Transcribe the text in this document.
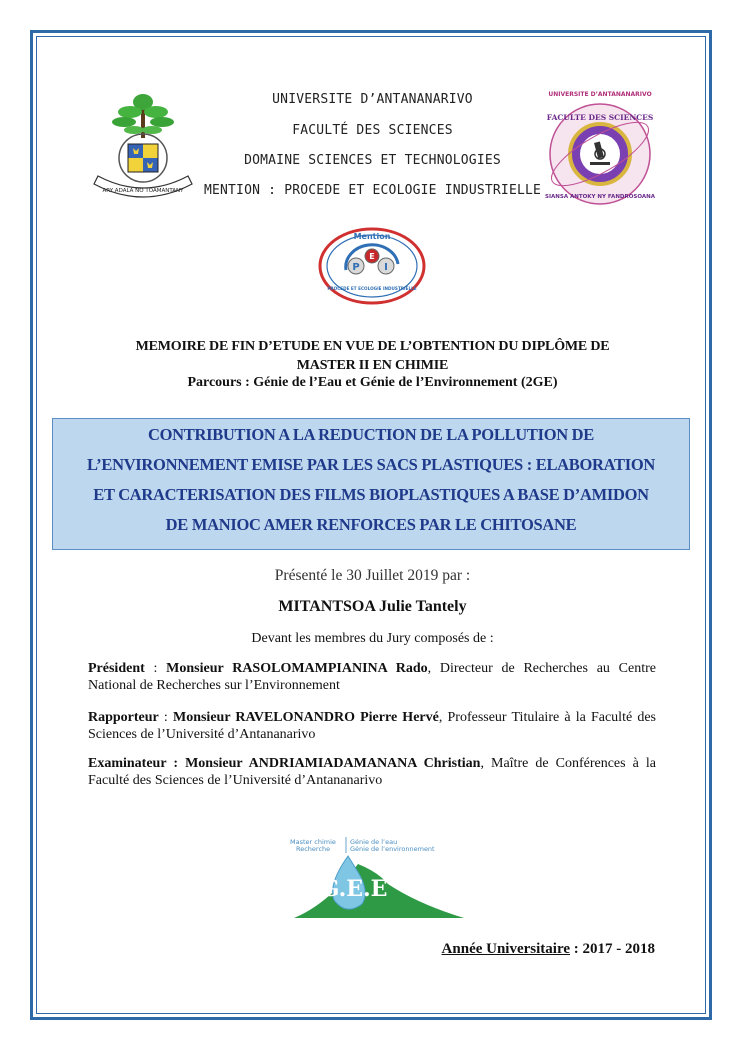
ARY ADALA NO TOAMANTANY
UNIVERSITE D’ANTANANARIVO
FACULTE DES SCIENCES
SIANSA ANTOKY NY FANDROSOANA
UNIVERSITE D’ANTANANARIVO
FACULTÉ DES SCIENCES
DOMAINE SCIENCES ET TECHNOLOGIES
MENTION : PROCEDE ET ECOLOGIE INDUSTRIELLE
Mention
P
E
I
PROCEDE ET ECOLOGIE INDUSTRIELLE
MEMOIRE DE FIN D’ETUDE EN VUE DE L’OBTENTION DU DIPLÔME DE
MASTER II EN CHIMIE
Parcours : Génie de l’Eau et Génie de l’Environnement (2GE)
CONTRIBUTION A LA REDUCTION DE LA POLLUTION DE
L’ENVIRONNEMENT EMISE PAR LES SACS PLASTIQUES : ELABORATION
ET CARACTERISATION DES FILMS BIOPLASTIQUES A BASE D’AMIDON
DE MANIOC AMER RENFORCES PAR LE CHITOSANE
Présenté le 30 Juillet 2019 par :
MITANTSOA Julie Tantely
Devant les membres du Jury composés de :
Président : Monsieur RASOLOMAMPIANINA Rado, Directeur de Recherches au Centre National de Recherches sur l’Environnement
Rapporteur : Monsieur RAVELONANDRO Pierre Hervé, Professeur Titulaire à la Faculté des Sciences de l’Université d’Antananarivo
Examinateur : Monsieur ANDRIAMIADAMANANA Christian, Maître de Conférences à la Faculté des Sciences de l’Université d’Antananarivo
Master chimie
Recherche
Génie de l’eau
Génie de l’environnement
G.E.E
Année Universitaire : 2017 - 2018
